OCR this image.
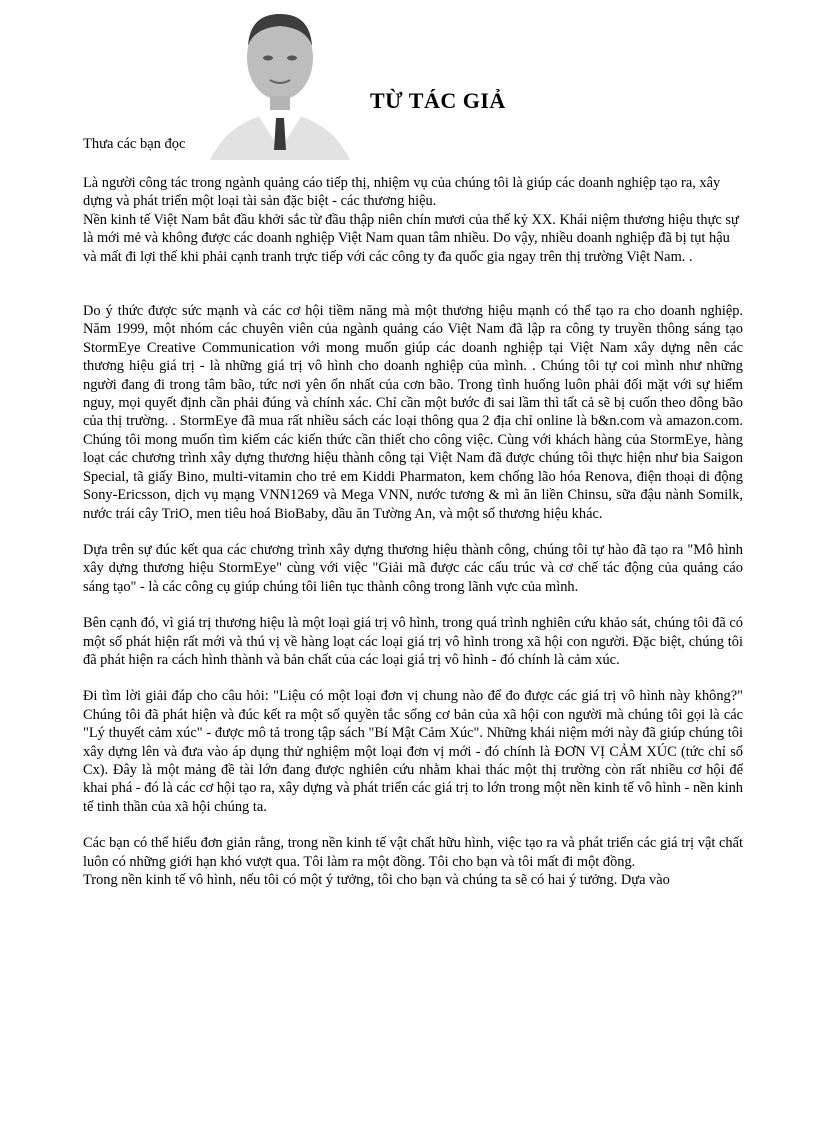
TỪ TÁC GIẢ
Thưa các bạn đọc

Là người công tác trong ngành quảng cáo tiếp thị, nhiệm vụ của chúng tôi là giúp các doanh nghiệp tạo ra, xây dựng và phát triển một loại tài sản đặc biệt - các thương hiệu.

Nền kinh tế Việt Nam bắt đầu khởi sắc từ đầu thập niên chín mươi của thế kỷ XX. Khái niệm thương hiệu thực sự là mới mẻ và không được các doanh nghiệp Việt Nam quan tâm nhiều. Do vậy, nhiều doanh nghiệp đã bị tụt hậu và mất đi lợi thế khi phải cạnh tranh trực tiếp với các công ty đa quốc gia ngay trên thị trường Việt Nam. .

Do ý thức được sức mạnh và các cơ hội tiềm năng mà một thương hiệu mạnh có thể tạo ra cho doanh nghiệp. Năm 1999, một nhóm các chuyên viên của ngành quảng cáo Việt Nam đã lập ra công ty truyền thông sáng tạo StormEye Creative Communication với mong muốn giúp các doanh nghiệp tại Việt Nam xây dựng nên các thương hiệu giá trị - là những giá trị vô hình cho doanh nghiệp của mình. . Chúng tôi tự coi mình như những người đang đi trong tâm bão, tức nơi yên ổn nhất của cơn bão. Trong tình huống luôn phải đối mặt với sự hiểm nguy, mọi quyết định cần phải đúng và chính xác. Chỉ cần một bước đi sai lầm thì tất cả sẽ bị cuốn theo dông bão của thị trường. . StormEye đã mua rất nhiều sách các loại thông qua 2 địa chỉ online là b&n.com và amazon.com. Chúng tôi mong muốn tìm kiếm các kiến thức cần thiết cho công việc. Cùng với khách hàng của StormEye, hàng loạt các chương trình xây dựng thương hiệu thành công tại Việt Nam đã được chúng tôi thực hiện như bia Saigon Special, tã giấy Bino, multi-vitamin cho trẻ em Kiddi Pharmaton, kem chống lão hóa Renova, điện thoại di động Sony-Ericsson, dịch vụ mạng VNN1269 và Mega VNN, nước tương & mì ăn liền Chinsu, sữa đậu nành Somilk, nước trái cây TriO, men tiêu hoá BioBaby, dầu ăn Tường An, và một số thương hiệu khác.

Dựa trên sự đúc kết qua các chương trình xây dựng thương hiệu thành công, chúng tôi tự hào đã tạo ra "Mô hình xây dựng thương hiệu StormEye" cùng với việc "Giải mã được các cấu trúc và cơ chế tác động của quảng cáo sáng tạo" - là các công cụ giúp chúng tôi liên tục thành công trong lãnh vực của mình.

Bên cạnh đó, vì giá trị thương hiệu là một loại giá trị vô hình, trong quá trình nghiên cứu khảo sát, chúng tôi đã có một số phát hiện rất mới và thú vị về hàng loạt các loại giá trị vô hình trong xã hội con người. Đặc biệt, chúng tôi đã phát hiện ra cách hình thành và bản chất của các loại giá trị vô hình - đó chính là cảm xúc.

Đi tìm lời giải đáp cho câu hỏi: "Liệu có một loại đơn vị chung nào để đo được các giá trị vô hình này không?" Chúng tôi đã phát hiện và đúc kết ra một số quyền tắc sống cơ bản của xã hội con người mà chúng tôi gọi là các "Lý thuyết cảm xúc" - được mô tả trong tập sách "Bí Mật Cảm Xúc". Những khái niệm mới này đã giúp chúng tôi xây dựng lên và đưa vào áp dụng thử nghiệm một loại đơn vị mới - đó chính là ĐƠN VỊ CẢM XÚC (tức chỉ số Cx). Đây là một mảng đề tài lớn đang được nghiên cứu nhằm khai thác một thị trường còn rất nhiều cơ hội để khai phá - đó là các cơ hội tạo ra, xây dựng và phát triển các giá trị to lớn trong một nền kinh tế vô hình - nền kinh tế tinh thần của xã hội chúng ta.

Các bạn có thể hiểu đơn giản rằng, trong nền kinh tế vật chất hữu hình, việc tạo ra và phát triển các giá trị vật chất luôn có những giới hạn khó vượt qua. Tôi làm ra một đồng. Tôi cho bạn và tôi mất đi một đồng.

Trong nền kinh tế vô hình, nếu tôi có một ý tưởng, tôi cho bạn và chúng ta sẽ có hai ý tưởng. Dựa vào
